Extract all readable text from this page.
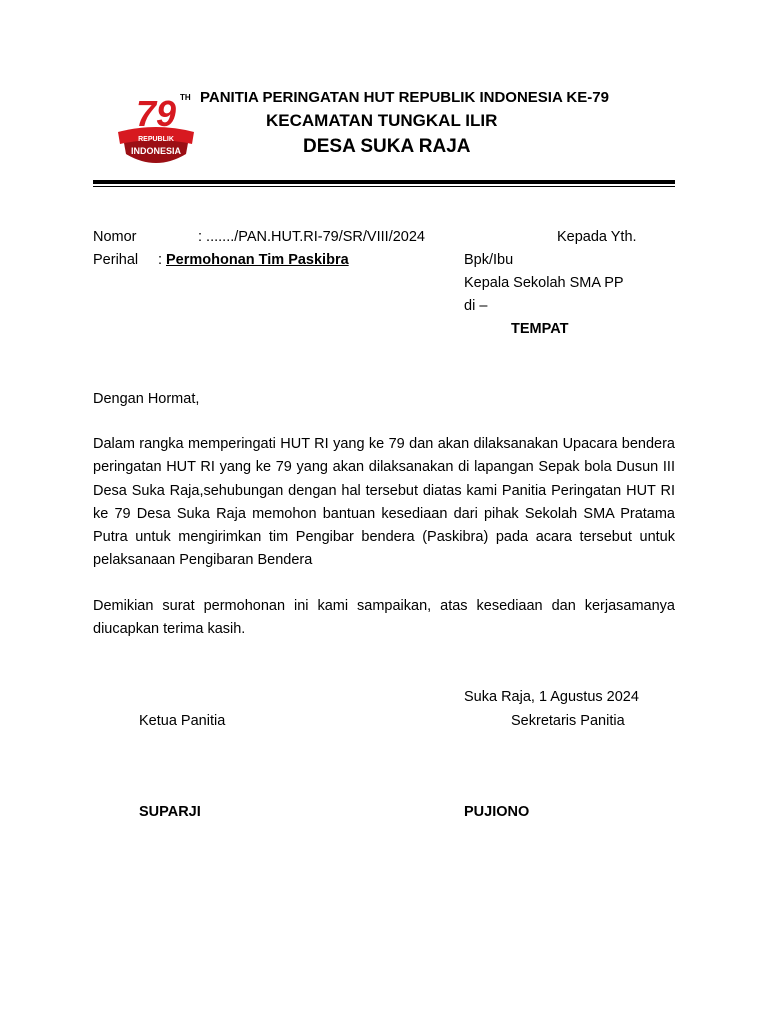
79 TH
REPUBLIK
INDONESIA
PANITIA PERINGATAN HUT REPUBLIK INDONESIA KE-79
KECAMATAN TUNGKAL ILIR
DESA SUKA RAJA
Nomor	: ......./PAN.HUT.RI-79/SR/VIII/2024
Perihal : Permohonan Tim Paskibra
Kepada Yth.
Bpk/Ibu
Kepala Sekolah SMA PP
di –
TEMPAT
Dengan Hormat,
Dalam rangka memperingati HUT RI yang ke 79 dan akan dilaksanakan Upacara bendera peringatan HUT RI yang ke 79 yang akan dilaksanakan di lapangan Sepak bola Dusun III Desa Suka Raja,sehubungan dengan hal tersebut diatas kami Panitia Peringatan HUT RI ke 79 Desa Suka Raja memohon bantuan kesediaan dari pihak Sekolah SMA Pratama Putra untuk mengirimkan tim Pengibar bendera (Paskibra) pada acara tersebut untuk pelaksanaan Pengibaran Bendera
Demikian surat permohonan ini kami sampaikan, atas kesediaan dan kerjasamanya diucapkan terima kasih.
Suka Raja, 1 Agustus 2024
Ketua Panitia	Sekretaris Panitia
SUPARJI	PUJIONO
